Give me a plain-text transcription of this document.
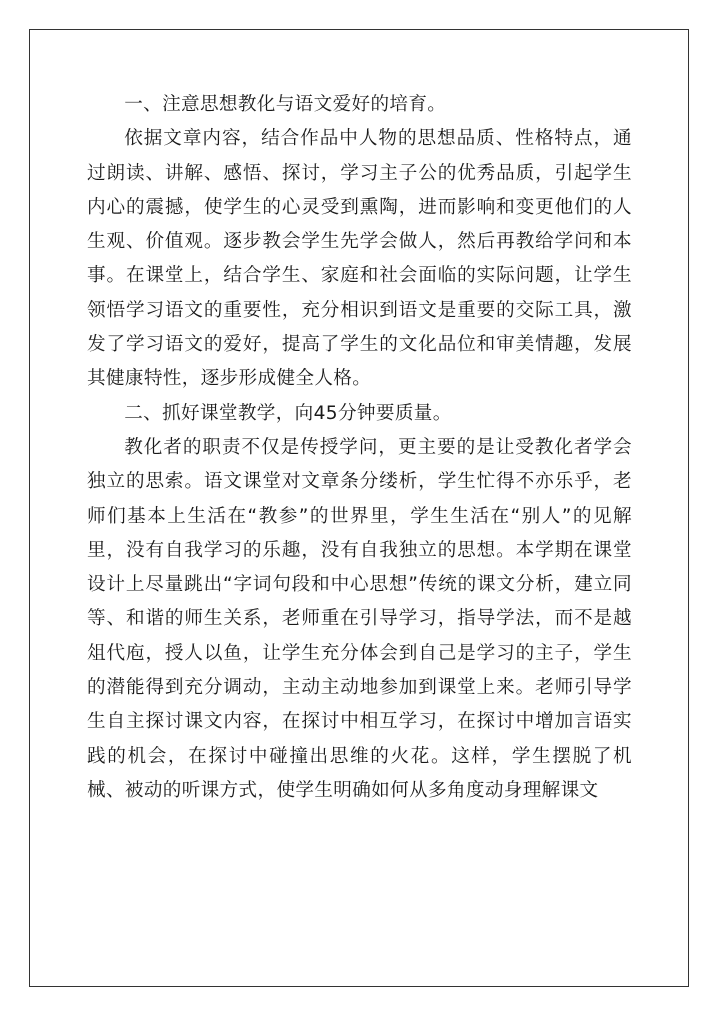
一、注意思想教化与语文爱好的培育。

依据文章内容，结合作品中人物的思想品质、性格特点，通过朗读、讲解、感悟、探讨，学习主子公的优秀品质，引起学生内心的震撼，使学生的心灵受到熏陶，进而影响和变更他们的人生观、价值观。逐步教会学生先学会做人，然后再教给学问和本事。在课堂上，结合学生、家庭和社会面临的实际问题，让学生领悟学习语文的重要性，充分相识到语文是重要的交际工具，激发了学习语文的爱好，提高了学生的文化品位和审美情趣，发展其健康特性，逐步形成健全人格。

二、抓好课堂教学，向45分钟要质量。

教化者的职责不仅是传授学问，更主要的是让受教化者学会独立的思索。语文课堂对文章条分缕析，学生忙得不亦乐乎，老师们基本上生活在“教参”的世界里，学生生活在“别人”的见解里，没有自我学习的乐趣，没有自我独立的思想。本学期在课堂设计上尽量跳出“字词句段和中心思想”传统的课文分析，建立同等、和谐的师生关系，老师重在引导学习，指导学法，而不是越俎代庖，授人以鱼，让学生充分体会到自己是学习的主子，学生的潜能得到充分调动，主动主动地参加到课堂上来。老师引导学生自主探讨课文内容，在探讨中相互学习，在探讨中增加言语实践的机会，在探讨中碰撞出思维的火花。这样，学生摆脱了机械、被动的听课方式，使学生明确如何从多角度动身理解课文
